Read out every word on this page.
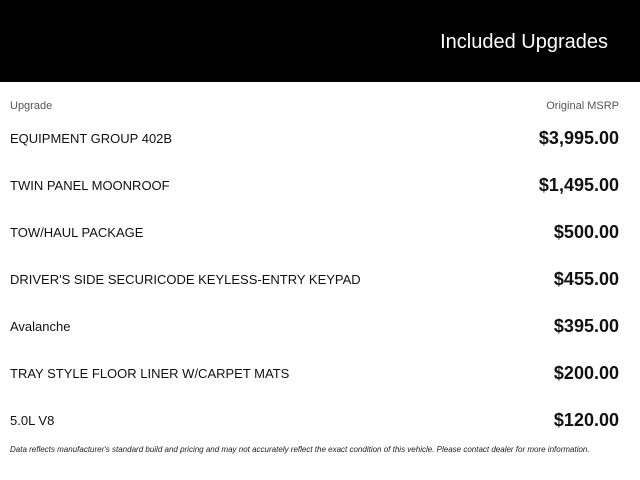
Included Upgrades
Upgrade	Original MSRP
EQUIPMENT GROUP 402B	$3,995.00
TWIN PANEL MOONROOF	$1,495.00
TOW/HAUL PACKAGE	$500.00
DRIVER'S SIDE SECURICODE KEYLESS-ENTRY KEYPAD	$455.00
Avalanche	$395.00
TRAY STYLE FLOOR LINER W/CARPET MATS	$200.00
5.0L V8	$120.00
Data reflects manufacturer's standard build and pricing and may not accurately reflect the exact condition of this vehicle. Please contact dealer for more information.
